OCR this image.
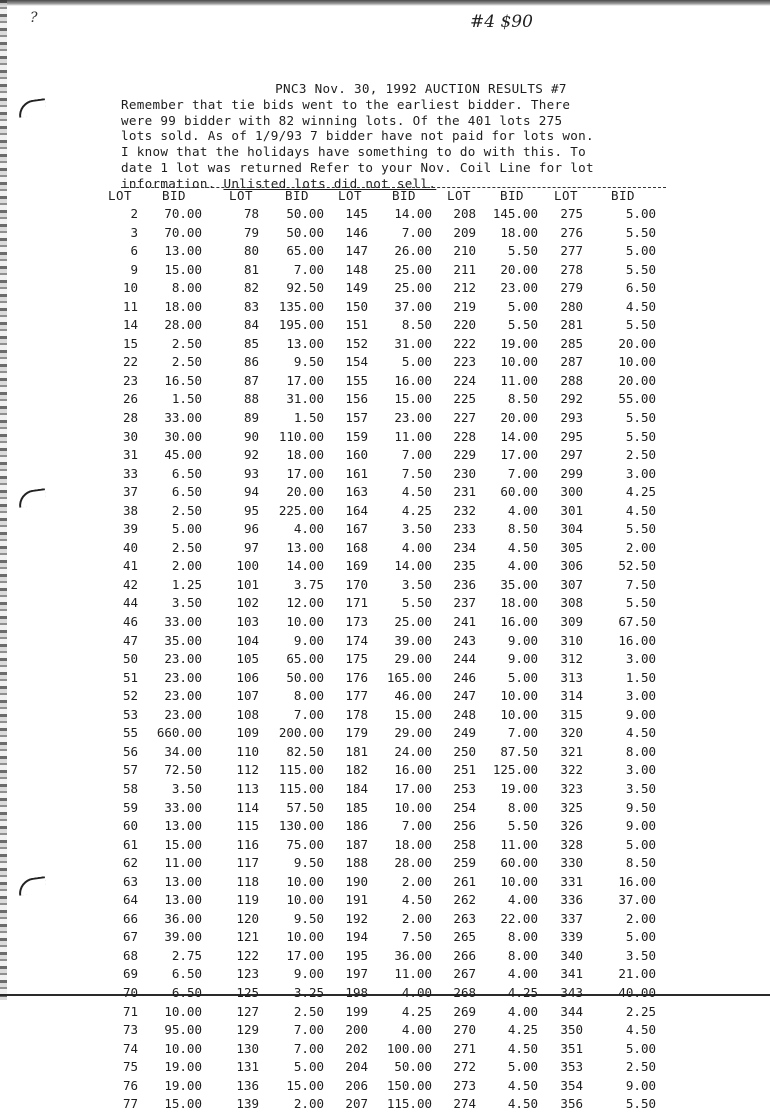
?	#4 $90
PNC3 Nov. 30, 1992 AUCTION RESULTS #7
Remember that tie bids went to the earliest bidder. There
were 99 bidder with 82 winning lots. Of the 401 lots 275
lots sold. As of 1/9/93 7 bidder have not paid for lots won.
I know that the holidays have something to do with this. To
date 1 lot was returned Refer to your Nov. Coil Line for lot
information. Unlisted lots did not sell.
LOT BID	LOT	BID LOT BID LOT BID LOT	BID
2	70.00	78	50.00	145	14.00	208	145.00	275	5.00
3	70.00	79	50.00	146	7.00	209	18.00	276	5.50
6	13.00	80	65.00	147	26.00	210	5.50	277	5.00
9	15.00	81	7.00	148	25.00	211	20.00	278	5.50
10	8.00	82	92.50	149	25.00	212	23.00	279	6.50
11	18.00	83	135.00	150	37.00	219	5.00	280	4.50
14	28.00	84	195.00	151	8.50	220	5.50	281	5.50
15	2.50	85	13.00	152	31.00	222	19.00	285	20.00
22	2.50	86	9.50	154	5.00	223	10.00	287	10.00
23	16.50	87	17.00	155	16.00	224	11.00	288	20.00
26	1.50	88	31.00	156	15.00	225	8.50	292	55.00
28	33.00	89	1.50	157	23.00	227	20.00	293	5.50
30	30.00	90	110.00	159	11.00	228	14.00	295	5.50
31	45.00	92	18.00	160	7.00	229	17.00	297	2.50
33	6.50	93	17.00	161	7.50	230	7.00	299	3.00
37	6.50	94	20.00	163	4.50	231	60.00	300	4.25
38	2.50	95	225.00	164	4.25	232	4.00	301	4.50
39	5.00	96	4.00	167	3.50	233	8.50	304	5.50
40	2.50	97	13.00	168	4.00	234	4.50	305	2.00
41	2.00	100	14.00	169	14.00	235	4.00	306	52.50
42	1.25	101	3.75	170	3.50	236	35.00	307	7.50
44	3.50	102	12.00	171	5.50	237	18.00	308	5.50
46	33.00	103	10.00	173	25.00	241	16.00	309	67.50
47	35.00	104	9.00	174	39.00	243	9.00	310	16.00
50	23.00	105	65.00	175	29.00	244	9.00	312	3.00
51	23.00	106	50.00	176	165.00	246	5.00	313	1.50
52	23.00	107	8.00	177	46.00	247	10.00	314	3.00
53	23.00	108	7.00	178	15.00	248	10.00	315	9.00
55	660.00	109	200.00	179	29.00	249	7.00	320	4.50
56	34.00	110	82.50	181	24.00	250	87.50	321	8.00
57	72.50	112	115.00	182	16.00	251	125.00	322	3.00
58	3.50	113	115.00	184	17.00	253	19.00	323	3.50
59	33.00	114	57.50	185	10.00	254	8.00	325	9.50
60	13.00	115	130.00	186	7.00	256	5.50	326	9.00
61	15.00	116	75.00	187	18.00	258	11.00	328	5.00
62	11.00	117	9.50	188	28.00	259	60.00	330	8.50
63	13.00	118	10.00	190	2.00	261	10.00	331	16.00
64	13.00	119	10.00	191	4.50	262	4.00	336	37.00
66	36.00	120	9.50	192	2.00	263	22.00	337	2.00
67	39.00	121	10.00	194	7.50	265	8.00	339	5.00
68	2.75	122	17.00	195	36.00	266	8.00	340	3.50
69	6.50	123	9.00	197	11.00	267	4.00	341	21.00
70	6.50	125	3.25	198	4.00	268	4.25	343	40.00
71	10.00	127	2.50	199	4.25	269	4.00	344	2.25
73	95.00	129	7.00	200	4.00	270	4.25	350	4.50
74	10.00	130	7.00	202	100.00	271	4.50	351	5.00
75	19.00	131	5.00	204	50.00	272	5.00	353	2.50
76	19.00	136	15.00	206	150.00	273	4.50	354	9.00
77	15.00	139	2.00	207	115.00	274	4.50	356	5.50
